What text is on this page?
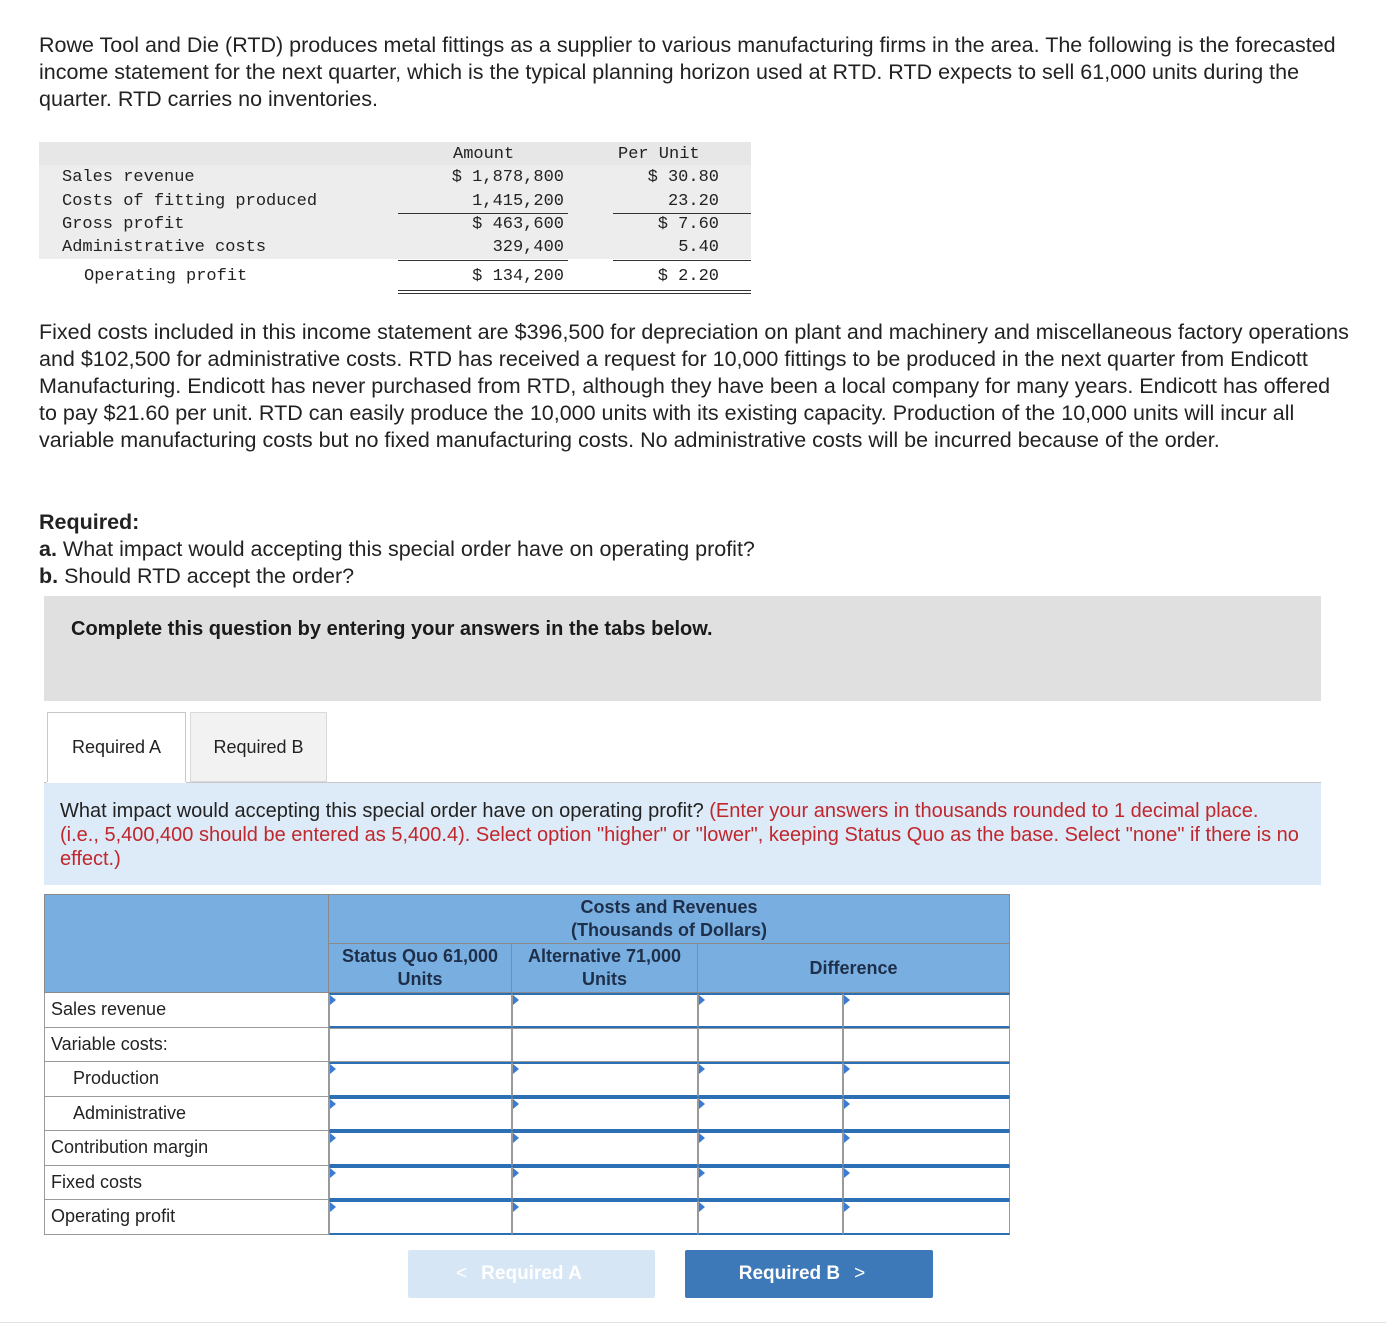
Rowe Tool and Die (RTD) produces metal fittings as a supplier to various manufacturing firms in the area. The following is the forecasted income statement for the next quarter, which is the typical planning horizon used at RTD. RTD expects to sell 61,000 units during the quarter. RTD carries no inventories.

Amount	Per Unit
Sales revenue	$ 1,878,800	$ 30.80
Costs of fitting produced	1,415,200	23.20
Gross profit	$ 463,600	$ 7.60
Administrative costs	329,400	5.40
Operating profit	$ 134,200	$ 2.20

Fixed costs included in this income statement are $396,500 for depreciation on plant and machinery and miscellaneous factory operations and $102,500 for administrative costs. RTD has received a request for 10,000 fittings to be produced in the next quarter from Endicott Manufacturing. Endicott has never purchased from RTD, although they have been a local company for many years. Endicott has offered to pay $21.60 per unit. RTD can easily produce the 10,000 units with its existing capacity. Production of the 10,000 units will incur all variable manufacturing costs but no fixed manufacturing costs. No administrative costs will be incurred because of the order.

Required:
a. What impact would accepting this special order have on operating profit?
b. Should RTD accept the order?
Complete this question by entering your answers in the tabs below.
Required A	Required B

What impact would accepting this special order have on operating profit? (Enter your answers in thousands rounded to 1 decimal place. (i.e., 5,400,400 should be entered as 5,400.4). Select option "higher" or "lower", keeping Status Quo as the base. Select "none" if there is no effect.)

Costs and Revenues
(Thousands of Dollars)
Status Quo 61,000
Units
Alternative 71,000
Units
Difference
Sales revenue
Variable costs:
Production
Administrative
Contribution margin
Fixed costs
Operating profit
< Required A	Required B >
